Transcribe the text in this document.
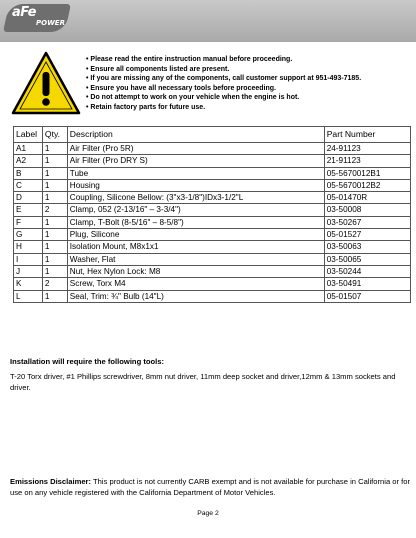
aFe
POWER
• Please read the entire instruction manual before proceeding.
• Ensure all components listed are present.
• If you are missing any of the components, call customer support at 951-493-7185.
• Ensure you have all necessary tools before proceeding.
• Do not attempt to work on your vehicle when the engine is hot.
• Retain factory parts for future use.
Label	Qty.	Description	Part Number
A1	1	Air Filter (Pro 5R)	24-91123
A2	1	Air Filter (Pro DRY S)	21-91123
B	1	Tube	05-5670012B1
C	1	Housing	05-5670012B2
D	1	Coupling, Silicone Bellow: (3"x3-1/8")IDx3-1/2"L	05-01470R
E	2	Clamp, 052 (2-13/16" – 3-3/4")	03-50008
F	1	Clamp, T-Bolt (8-5/16" – 8-5/8")	03-50267
G	1	Plug, Silicone	05-01527
H	1	Isolation Mount, M8x1x1	03-50063
I	1	Washer, Flat	03-50065
J	1	Nut, Hex Nylon Lock: M8	03-50244
K	2	Screw, Torx M4	03-50491
L	1	Seal, Trim: ¾" Bulb (14"L)	05-01507
Installation will require the following tools:
T-20 Torx driver, #1 Phillips screwdriver, 8mm nut driver, 11mm deep socket and driver,12mm & 13mm sockets and driver.
Emissions Disclaimer: This product is not currently CARB exempt and is not available for purchase in California or for use on any vehicle registered with the California Department of Motor Vehicles.
Page 2
